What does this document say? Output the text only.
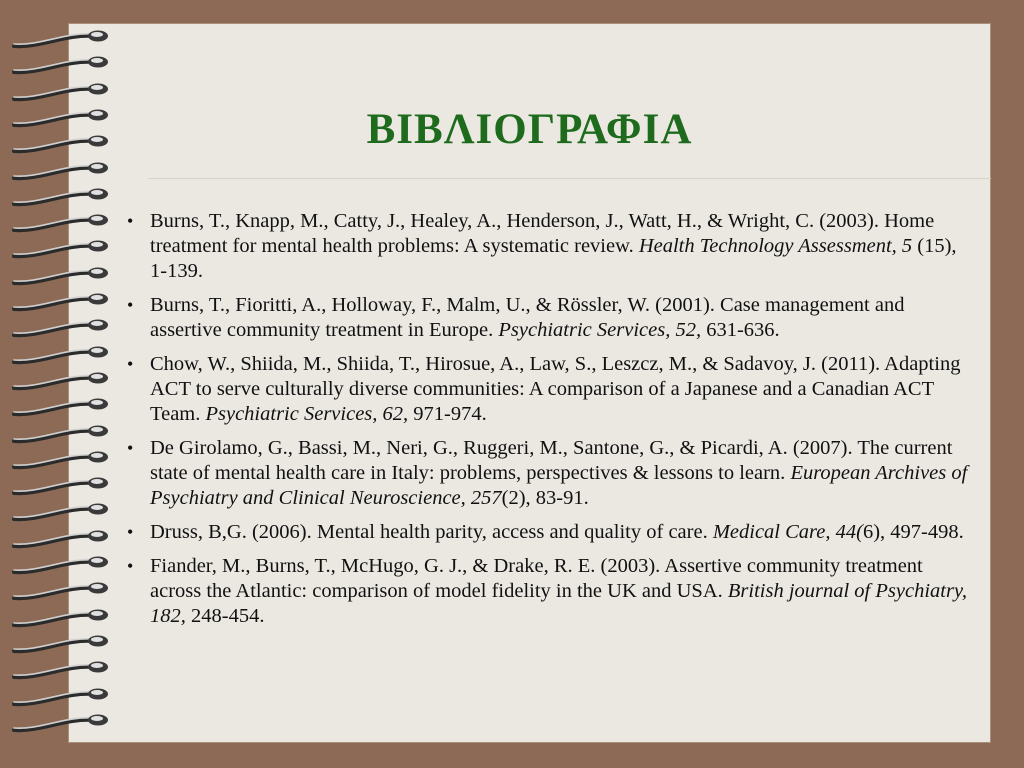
ΒΙΒΛΙΟΓΡΑΦΙΑ
• Burns, T., Knapp, M., Catty, J., Healey, A., Henderson, J., Watt, H., & Wright, C. (2003). Home treatment for mental health problems: A systematic review. Health Technology Assessment, 5 (15), 1-139.
• Burns, T., Fioritti, A., Holloway, F., Malm, U., & Rössler, W. (2001). Case management and assertive community treatment in Europe. Psychiatric Services, 52, 631-636.
• Chow, W., Shiida, M., Shiida, T., Hirosue, A., Law, S., Leszcz, M., & Sadavoy, J. (2011). Adapting ACT to serve culturally diverse communities: A comparison of a Japanese and a Canadian ACT Team. Psychiatric Services, 62, 971-974.
• De Girolamo, G., Bassi, M., Neri, G., Ruggeri, M., Santone, G., & Picardi, A. (2007). The current state of mental health care in Italy: problems, perspectives & lessons to learn. European Archives of Psychiatry and Clinical Neuroscience, 257(2), 83-91.
• Druss, B,G. (2006). Mental health parity, access and quality of care. Medical Care, 44(6), 497-498.
• Fiander, M., Burns, T., McHugo, G. J., & Drake, R. E. (2003). Assertive community treatment across the Atlantic: comparison of model fidelity in the UK and USA. British journal of Psychiatry, 182, 248-454.
